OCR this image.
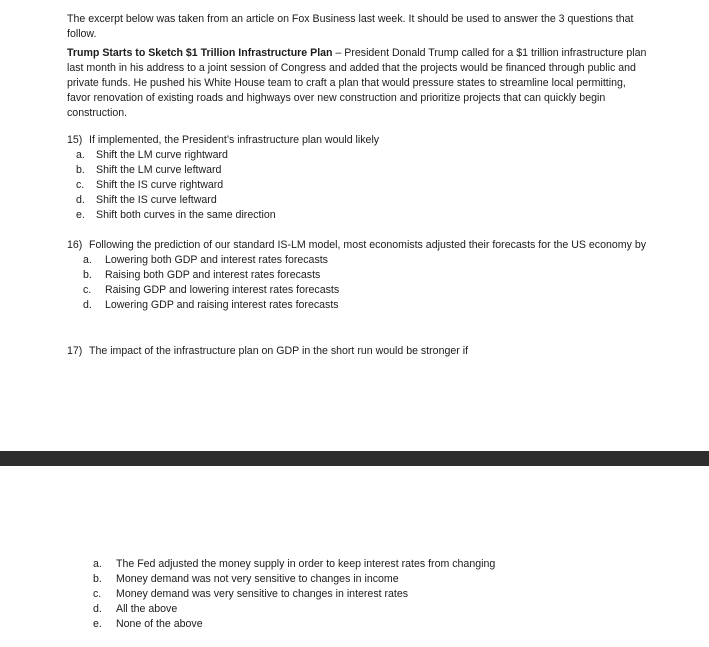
The excerpt below was taken from an article on Fox Business last week. It should be used to answer the 3 questions that follow.
Trump Starts to Sketch $1 Trillion Infrastructure Plan – President Donald Trump called for a $1 trillion infrastructure plan last month in his address to a joint session of Congress and added that the projects would be financed through public and private funds. He pushed his White House team to craft a plan that would pressure states to streamline local permitting, favor renovation of existing roads and highways over new construction and prioritize projects that can quickly begin construction.
15) If implemented, the President’s infrastructure plan would likely
a.	Shift the LM curve rightward
b.	Shift the LM curve leftward
c.	Shift the IS curve rightward
d.	Shift the IS curve leftward
e.	Shift both curves in the same direction
16) Following the prediction of our standard IS-LM model, most economists adjusted their forecasts for the US economy by
a.	Lowering both GDP and interest rates forecasts
b.	Raising both GDP and interest rates forecasts
c.	Raising GDP and lowering interest rates forecasts
d.	Lowering GDP and raising interest rates forecasts
17) The impact of the infrastructure plan on GDP in the short run would be stronger if
a.	The Fed adjusted the money supply in order to keep interest rates from changing
b.	Money demand was not very sensitive to changes in income
c.	Money demand was very sensitive to changes in interest rates
d.	All the above
e.	None of the above
